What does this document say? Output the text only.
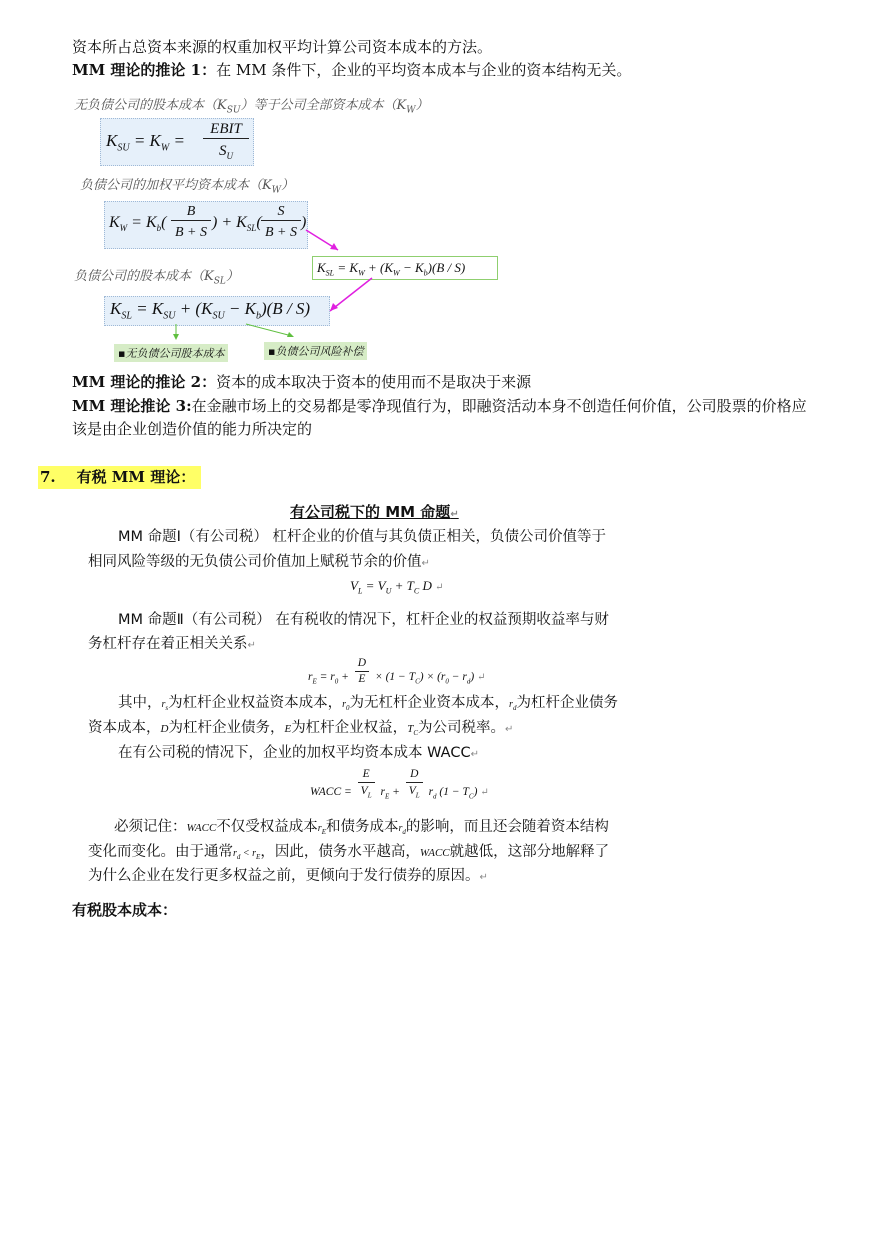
资本所占总资本来源的权重加权平均计算公司资本成本的方法。
MM 理论的推论 1：在 MM 条件下，企业的平均资本成本与企业的资本结构无关。
无负债公司的股本成本$(K_{SU})$等于公司全部资本成本$(K_W)$
$K_{SU} = K_W$ =
EBIT
$S_U$
负债公司的加权平均资本成本$(K_W)$
$K_W = K_b$(
B
B + S
) + $K_{SL}$(
S
B + S
)
$K_{SL} = K_W + (K_W - K_b)(B / S)$
负债公司的股本成本$(K_{SL})$
$K_{SL} = K_{SU} + (K_{SU} - K_b)(B / S)$
▪无负债公司股本成本	▪负债公司风险补偿
MM 理论的推论 2：资本的成本取决于资本的使用而不是取决于来源
MM 理论推论 3:在金融市场上的交易都是零净现值行为，即融资活动本身不创造任何价值，公司股票的价格应
该是由企业创造价值的能力所决定的
7. 有税 MM 理论：
有公司税下的 MM 命题↵
MM 命题Ⅰ（有公司税） 杠杆企业的价值与其负债正相关，负债公司价值等于
相同风险等级的无负债公司价值加上赋税节余的价值↵
$V_L = V_U + T_C$ D ↵
MM 命题Ⅱ（有公司税） 在有税收的情况下，杠杆企业的权益预期收益率与财
务杠杆存在着正相关关系↵
$r_E = r_0 + \frac{D}{E} \times (1 - T_C) \times (r_0 - r_d)$ ↵
其中，$r_s$为杠杆企业权益资本成本，$r_0$为无杠杆企业资本成本，$r_d$为杠杆企业债务
资本成本，D为杠杆企业债务，E为杠杆企业权益，$T_C$为公司税率。↵
在有公司税的情况下，企业的加权平均资本成本 WACC↵
WACC = $\frac{E}{V_L} r_E + \frac{D}{V_L} r_d$ $(1 - T_C)$ ↵
必须记住：WACC不仅受权益成本$r_E$和债务成本$r_d$的影响，而且还会随着资本结构
变化而变化。由于通常$r_d < r_E$，因此，债务水平越高，WACC就越低，这部分地解释了
为什么企业在发行更多权益之前，更倾向于发行债券的原因。↵
有税股本成本：
